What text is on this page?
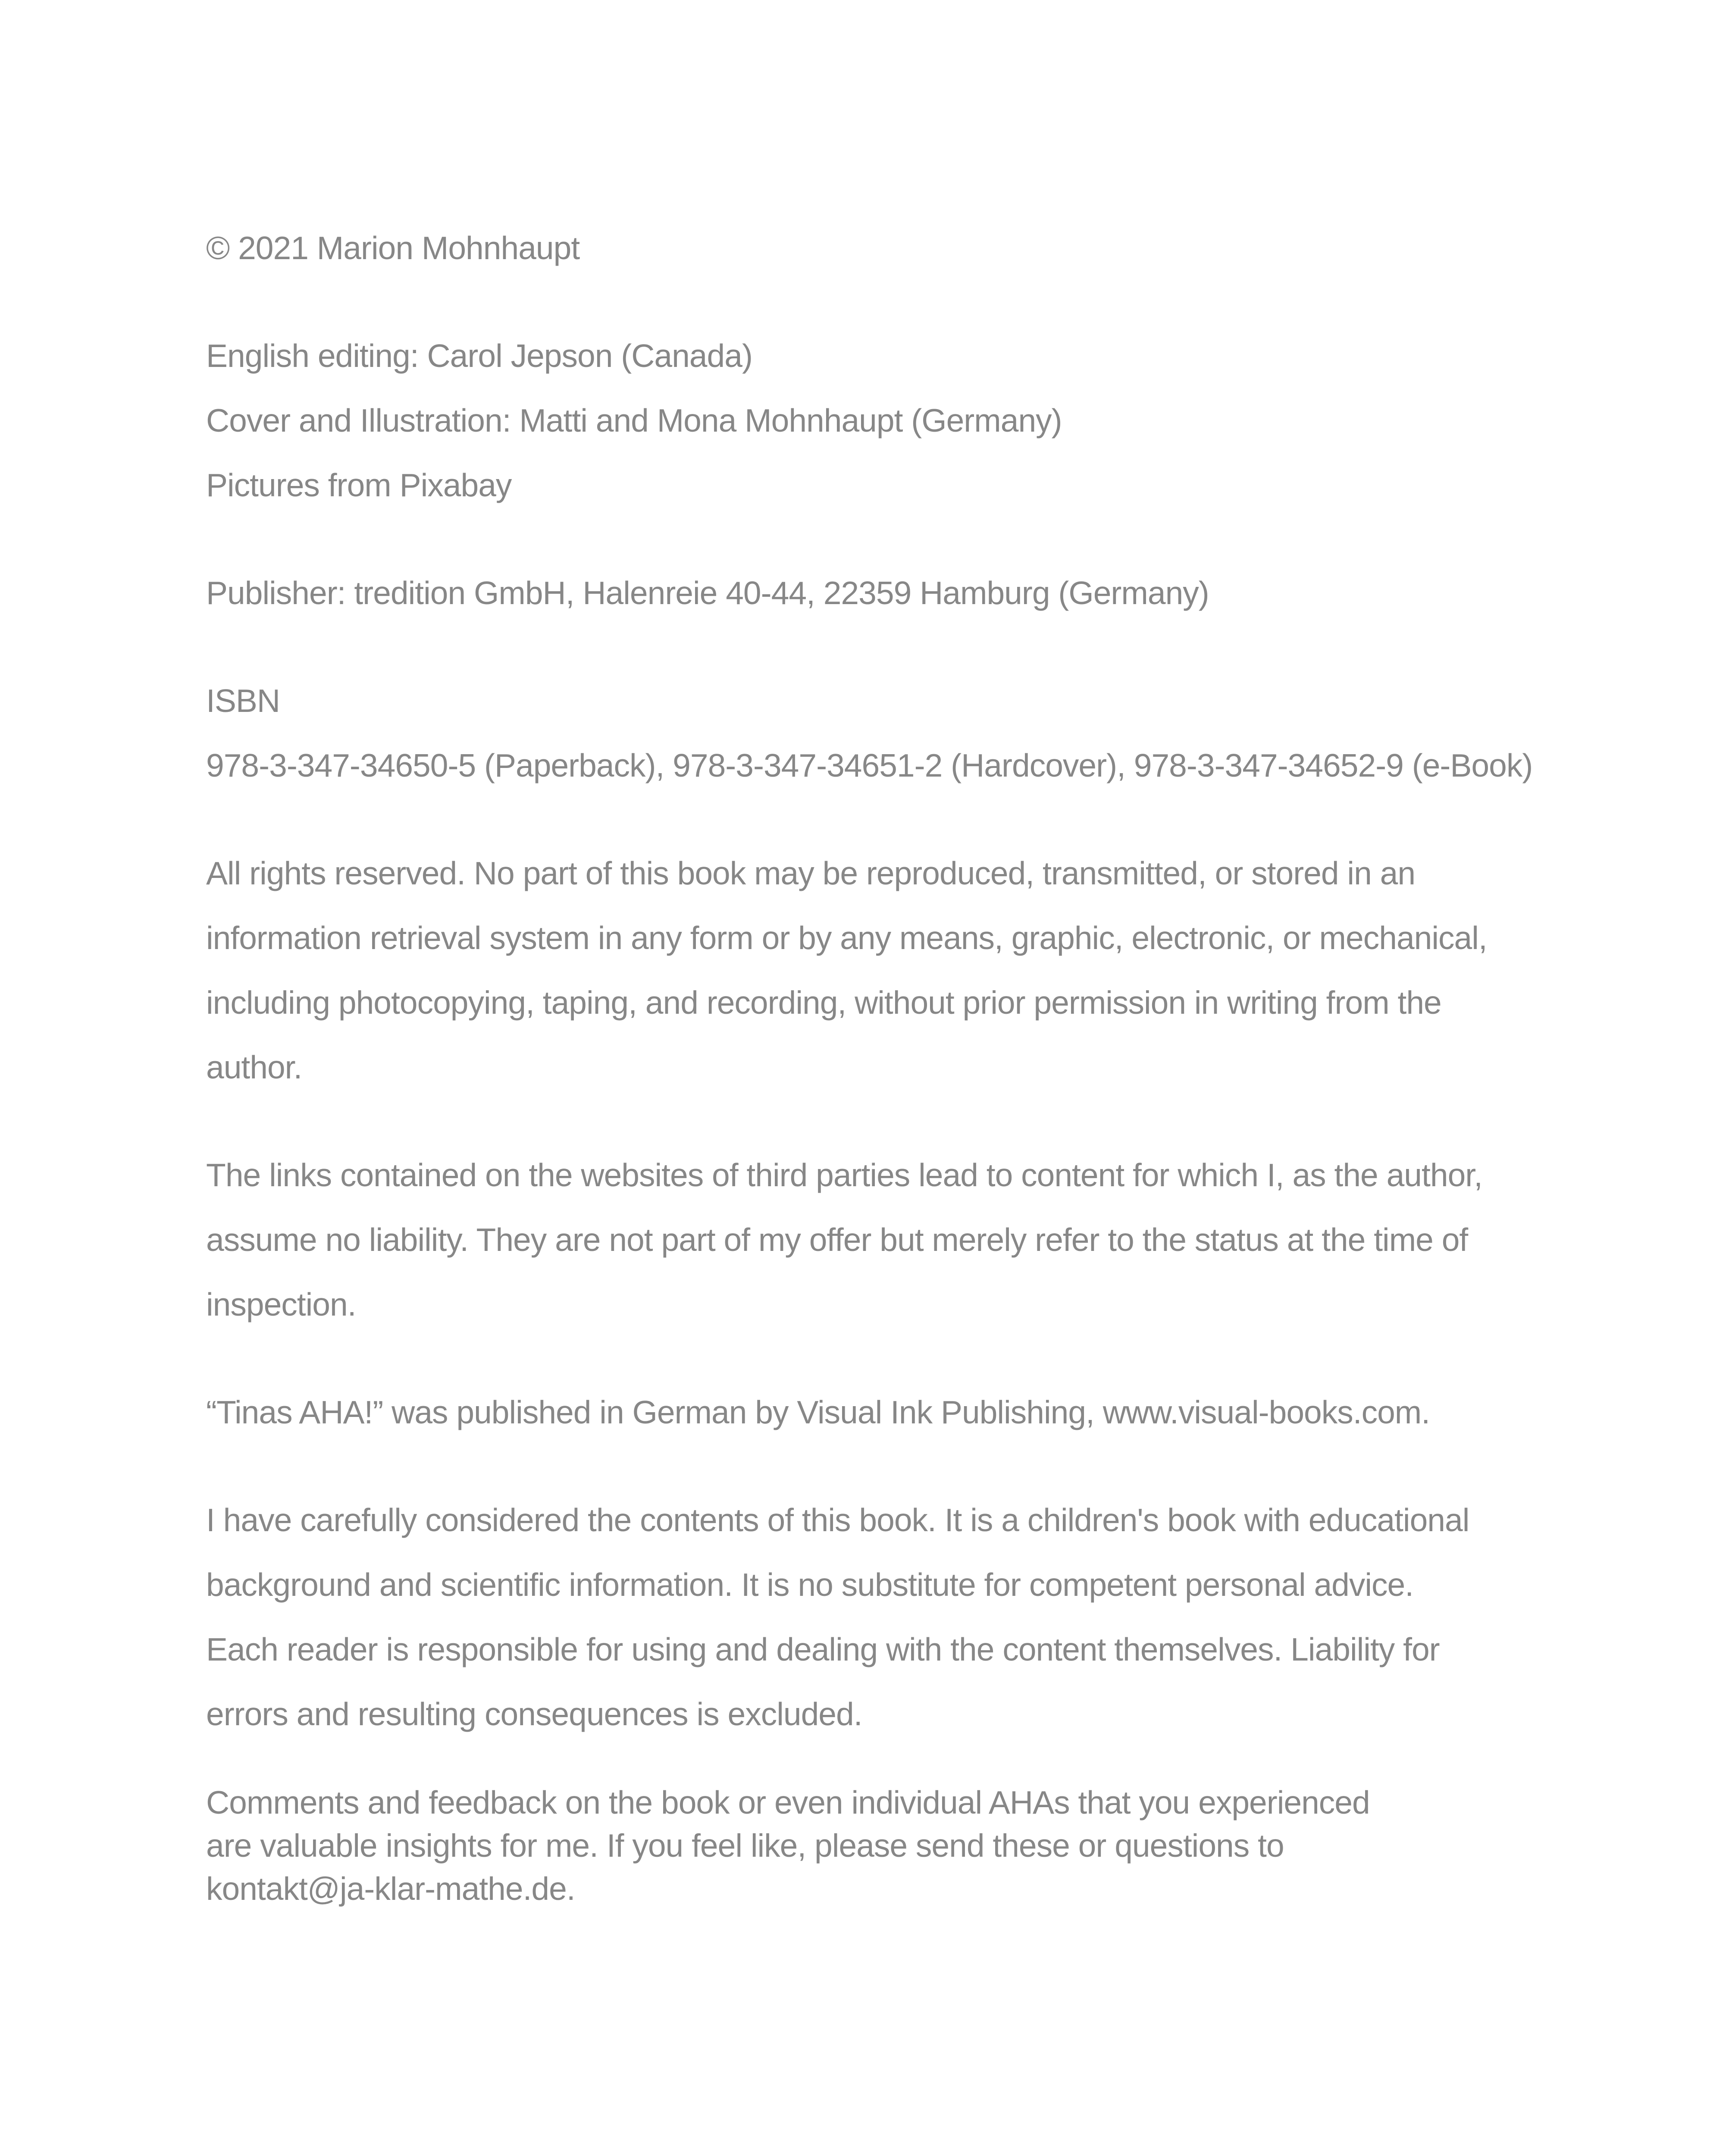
© 2021 Marion Mohnhaupt

English editing: Carol Jepson (Canada)
Cover and Illustration: Matti and Mona Mohnhaupt (Germany)
Pictures from Pixabay

Publisher: tredition GmbH, Halenreie 40-44, 22359 Hamburg (Germany)

ISBN
978-3-347-34650-5 (Paperback), 978-3-347-34651-2 (Hardcover), 978-3-347-34652-9 (e-Book)

All rights reserved. No part of this book may be reproduced, transmitted, or stored in an
information retrieval system in any form or by any means, graphic, electronic, or mechanical,
including photocopying, taping, and recording, without prior permission in writing from the
author.

The links contained on the websites of third parties lead to content for which I, as the author,
assume no liability. They are not part of my offer but merely refer to the status at the time of
inspection.

“Tinas AHA!” was published in German by Visual Ink Publishing, www.visual-books.com.

I have carefully considered the contents of this book. It is a children's book with educational
background and scientific information. It is no substitute for competent personal advice.
Each reader is responsible for using and dealing with the content themselves. Liability for
errors and resulting consequences is excluded.

Comments and feedback on the book or even individual AHAs that you experienced
are valuable insights for me. If you feel like, please send these or questions to
kontakt@ja-klar-mathe.de.
